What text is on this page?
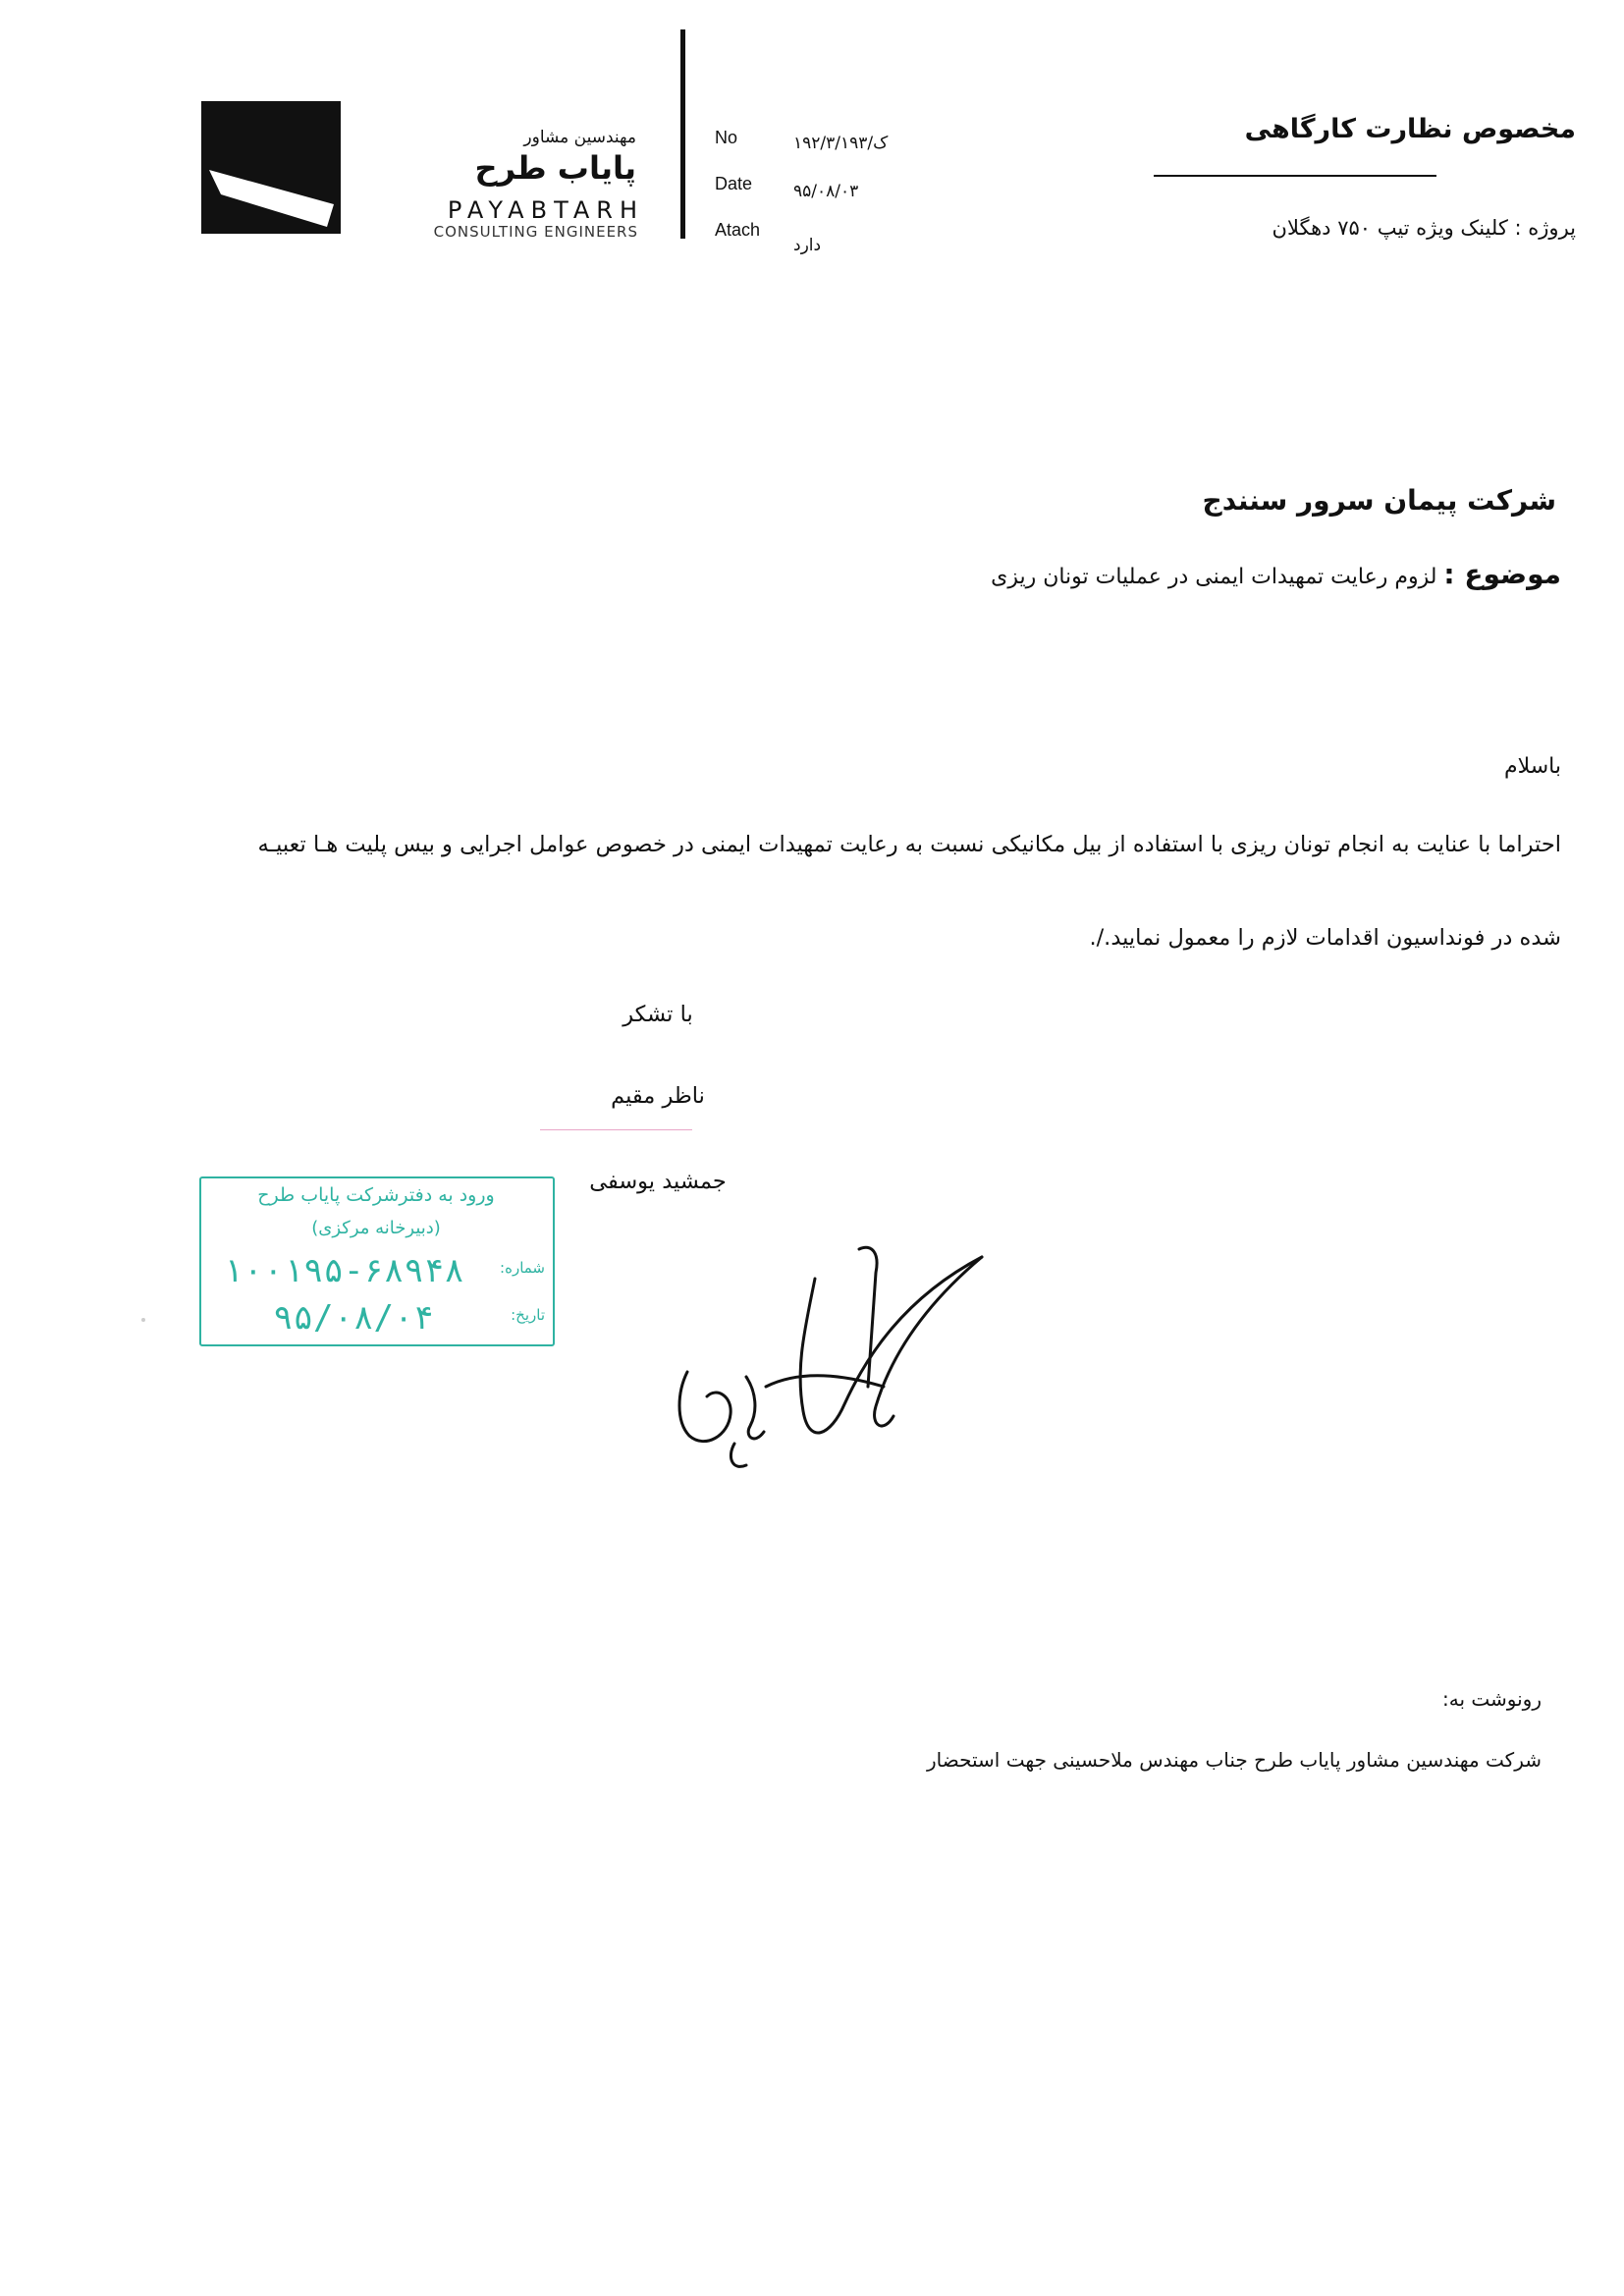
مهندسین مشاور
پایاب طرح
PAYABTARH
CONSULTING ENGINEERS
No	۱۹۲/۳/ک/۱۹۳
Date ۹۵/۰۸/۰۳
Atach
دارد
مخصوص نظارت کارگاهی
پروژه : کلینک ویژه تیپ ۷۵۰ دهگلان
شرکت پیمان سرور سنندج
موضوع : لزوم رعایت تمهیدات ایمنی در عملیات تونان ریزی
باسلام
احتراما با عنایت به انجام تونان ریزی با استفاده از بیل مکانیکی نسبت به رعایت تمهیدات ایمنی در خصوص عوامل اجرایی و بیس پلیت هـا تعبیـه
شده در فونداسیون اقدامات لازم را معمول نمایید./.
با تشکر
ناظر مقیم
جمشید یوسفی
ورود به دفترشرکت پایاب طرح
(دبیرخانه مرکزی)
شماره:
۱۰۰۱۹۵-۶۸۹۴۸
تاریخ:
۹۵/۰۸/۰۴
رونوشت به:
شرکت مهندسین مشاور پایاب طرح جناب مهندس ملاحسینی جهت استحضار
